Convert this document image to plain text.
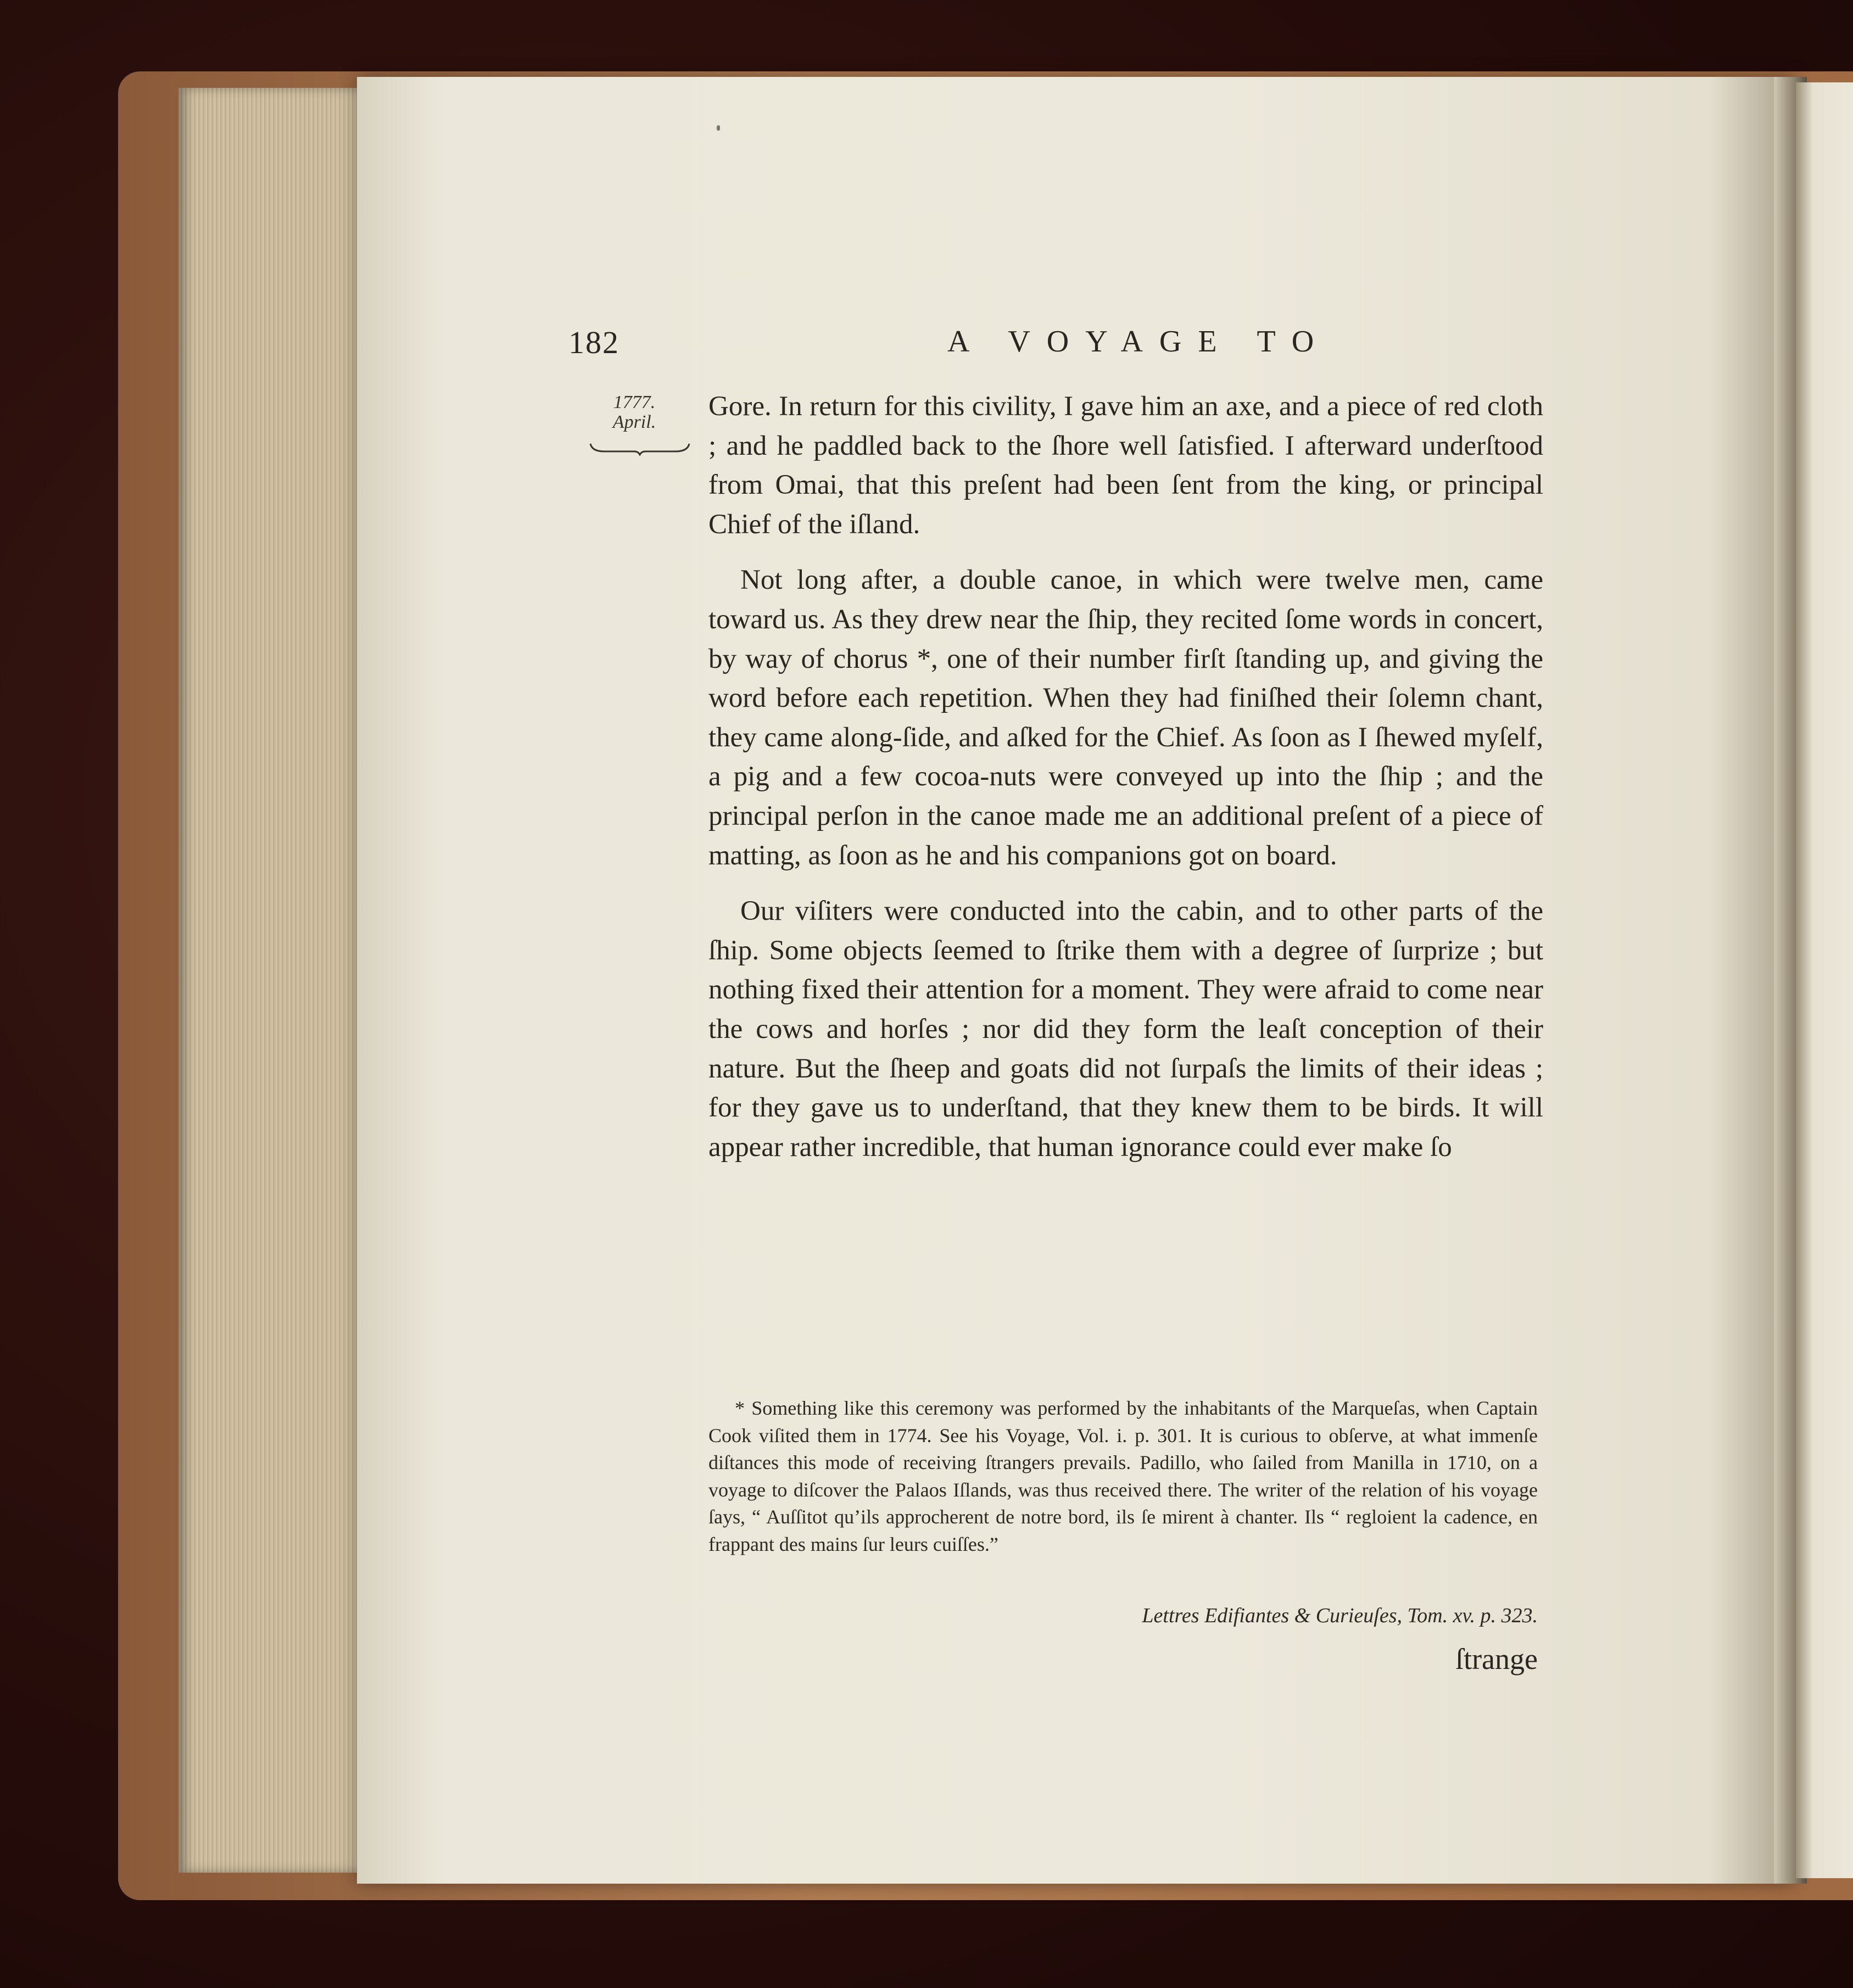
182	A VOYAGE TO
1777.
April.

Gore. In return for this civility, I gave him an axe, and a piece of red cloth ; and he paddled back to the ſhore well ſatisfied. I afterward underſtood from Omai, that this preſent had been ſent from the king, or principal Chief of the iſland.

Not long after, a double canoe, in which were twelve men, came toward us. As they drew near the ſhip, they recited ſome words in concert, by way of chorus *, one of their number firſt ſtanding up, and giving the word before each repetition. When they had finiſhed their ſolemn chant, they came along-ſide, and aſked for the Chief. As ſoon as I ſhewed myſelf, a pig and a few cocoa-nuts were conveyed up into the ſhip ; and the principal perſon in the canoe made me an additional preſent of a piece of matting, as ſoon as he and his companions got on board.

Our viſiters were conducted into the cabin, and to other parts of the ſhip. Some objects ſeemed to ſtrike them with a degree of ſurprize ; but nothing fixed their attention for a moment. They were afraid to come near the cows and horſes ; nor did they form the leaſt conception of their nature. But the ſheep and goats did not ſurpaſs the limits of their ideas ; for they gave us to underſtand, that they knew them to be birds. It will appear rather incredible, that human ignorance could ever make ſo

* Something like this ceremony was performed by the inhabitants of the Marqueſas, when Captain Cook viſited them in 1774. See his Voyage, Vol. i. p. 301. It is curious to obſerve, at what immenſe diſtances this mode of receiving ſtrangers prevails. Padillo, who ſailed from Manilla in 1710, on a voyage to diſcover the Palaos Iſlands, was thus received there. The writer of the relation of his voyage ſays, “ Auſſitot qu’ils approcherent de notre bord, ils ſe mirent à chanter. Ils “ regloient la cadence, en frappant des mains ſur leurs cuiſſes.”

Lettres Edifiantes & Curieuſes, Tom. xv. p. 323.
ſtrange
